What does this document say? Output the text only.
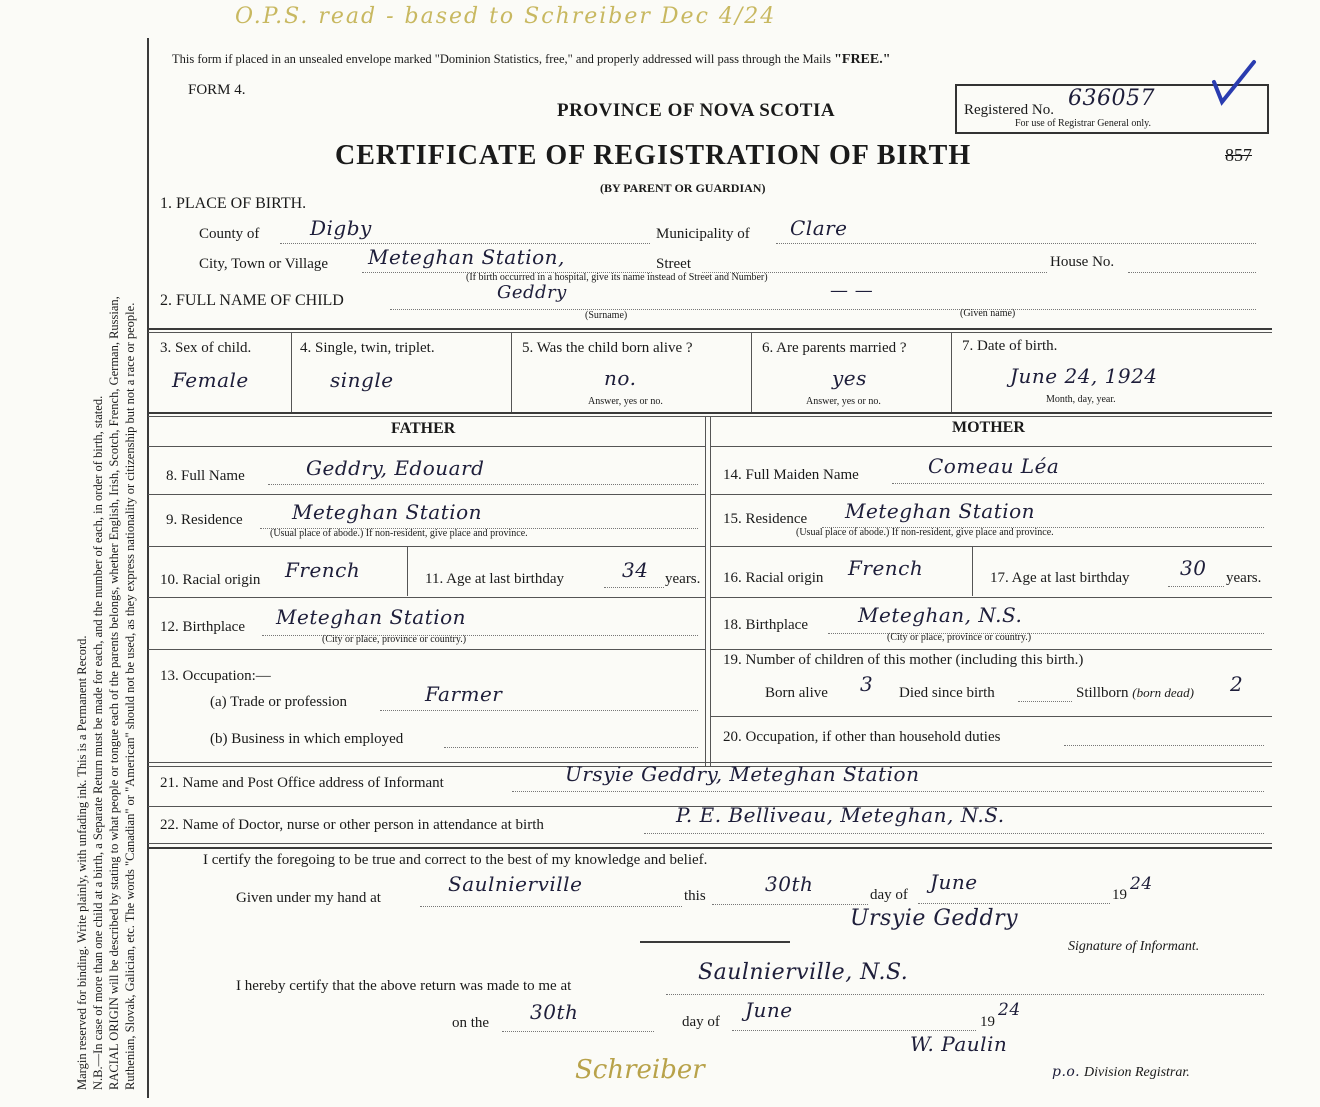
O.P.S. read - based to Schreiber Dec 4/24
Schreiber
Margin reserved for binding. Write plainly, with unfading ink. This is a Permanent Record. N.B.—In case of more than one child at a birth, a Separate Return must be made for each, and the number of each, in order of birth, stated. RACIAL ORIGIN will be described by stating to what people or tongue each of the parents belongs, whether English, Irish, Scotch, French, German, Russian, Ruthenian, Slovak, Galician, etc. The words "Canadian" or "American" should not be used, as they express nationality or citizenship but not a race or people.
This form if placed in an unsealed envelope marked "Dominion Statistics, free," and properly addressed will pass through the Mails "FREE."
FORM 4.
PROVINCE OF NOVA SCOTIA
CERTIFICATE OF REGISTRATION OF BIRTH
(BY PARENT OR GUARDIAN)
Registered No. 636057
For use of Registrar General only.
857
1. PLACE OF BIRTH.
County of	Digby	Municipality of Clare
City, Town or Village Meteghan Station,	Street	House No.
(If birth occurred in a hospital, give its name instead of Street and Number)
2. FULL NAME OF CHILD	Geddry	— —
(Surname)	(Given name)
3. Sex of child.
Female
4. Single, twin, triplet.
single
5. Was the child born alive ?
no.
Answer, yes or no.
6. Are parents married ?
yes
Answer, yes or no.
7. Date of birth.
June 24, 1924
Month, day, year.
FATHER	MOTHER
8. Full Name	Geddry, Edouard	14. Full Maiden Name	Comeau Léa
9. Residence Meteghan Station
(Usual place of abode.) If non-resident, give place and province.
15. Residence Meteghan Station
(Usual place of abode.) If non-resident, give place and province.
10. Racial origin French	11. Age at last birthday	34 years. 16. Racial origin French	17. Age at last birthday	30 years.
12. Birthplace Meteghan Station
(City or place, province or country.)
18. Birthplace	Meteghan, N.S.
(City or place, province or country.)
13. Occupation:—
(a) Trade or profession	Farmer
(b) Business in which employed
19. Number of children of this mother (including this birth.)
Born alive 3 Died since birth	Stillborn (born dead) 2
20. Occupation, if other than household duties
21. Name and Post Office address of Informant	Ursyie Geddry, Meteghan Station
22. Name of Doctor, nurse or other person in attendance at birth	P. E. Belliveau, Meteghan, N.S.
I certify the foregoing to be true and correct to the best of my knowledge and belief.
Given under my hand at
Saulnierville	this	30th	day of
June
19
24
Ursyie Geddry
Signature of Informant.
I hereby certify that the above return was made to me at
Saulnierville, N.S.
on the 30th	day of June	19
24
W. Paulin
p.o. Division Registrar.
